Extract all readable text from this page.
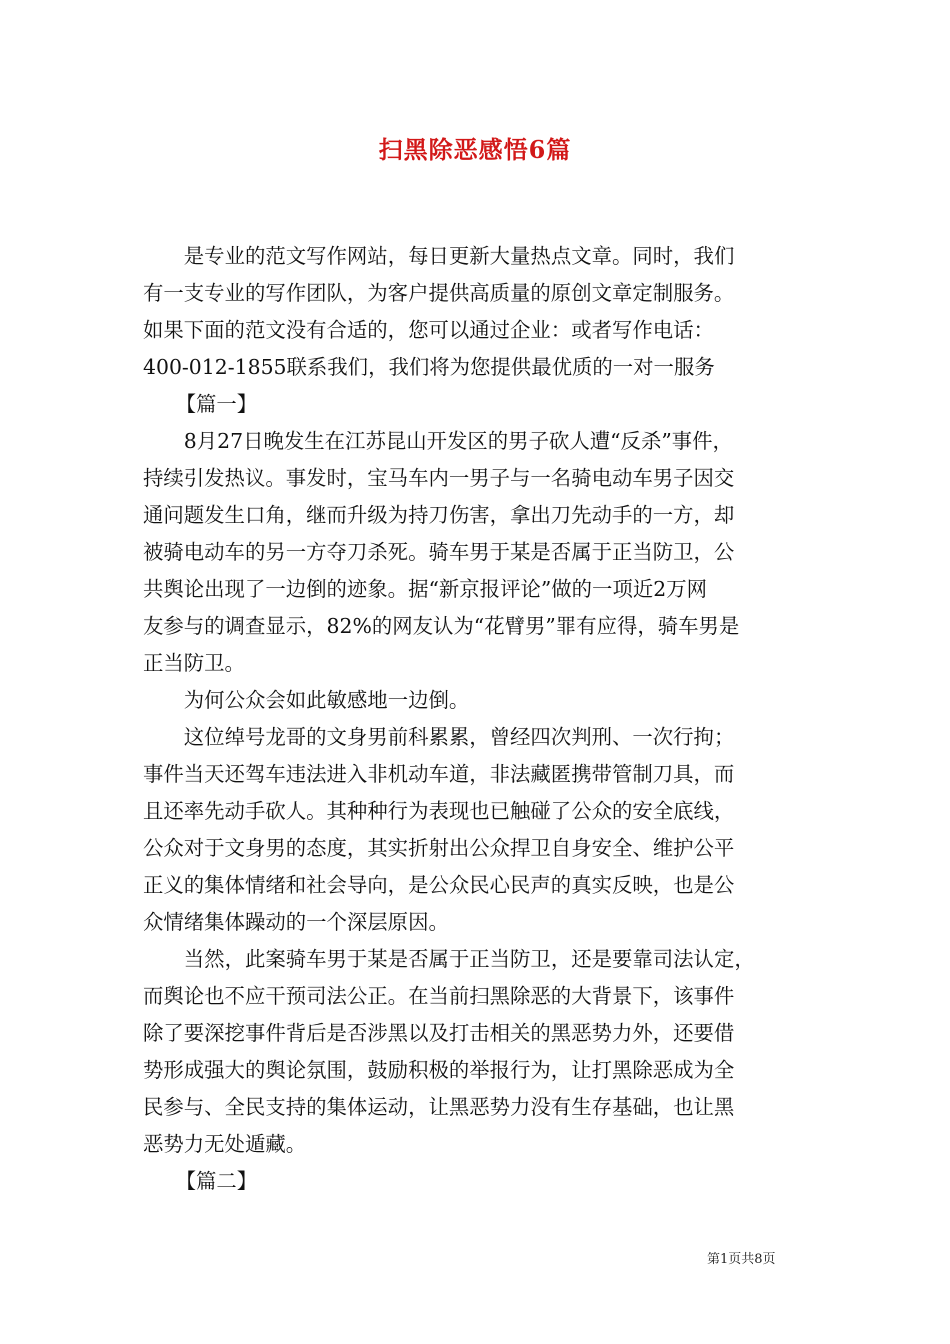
扫黑除恶感悟6篇

是专业的范文写作网站，每日更新大量热点文章。同时，我们
有一支专业的写作团队，为客户提供高质量的原创文章定制服务。
如果下面的范文没有合适的，您可以通过企业：或者写作电话：
400-012-1855联系我们，我们将为您提供最优质的一对一服务

【篇一】

8月27日晚发生在江苏昆山开发区的男子砍人遭“反杀”事件，
持续引发热议。事发时，宝马车内一男子与一名骑电动车男子因交
通问题发生口角，继而升级为持刀伤害，拿出刀先动手的一方，却
被骑电动车的另一方夺刀杀死。骑车男于某是否属于正当防卫，公
共舆论出现了一边倒的迹象。据“新京报评论”做的一项近2万网
友参与的调查显示，82%的网友认为“花臂男”罪有应得，骑车男是
正当防卫。

为何公众会如此敏感地一边倒。

这位绰号龙哥的文身男前科累累，曾经四次判刑、一次行拘；
事件当天还驾车违法进入非机动车道，非法藏匿携带管制刀具，而
且还率先动手砍人。其种种行为表现也已触碰了公众的安全底线，
公众对于文身男的态度，其实折射出公众捍卫自身安全、维护公平
正义的集体情绪和社会导向，是公众民心民声的真实反映，也是公
众情绪集体躁动的一个深层原因。

当然，此案骑车男于某是否属于正当防卫，还是要靠司法认定，
而舆论也不应干预司法公正。在当前扫黑除恶的大背景下，该事件
除了要深挖事件背后是否涉黑以及打击相关的黑恶势力外，还要借
势形成强大的舆论氛围，鼓励积极的举报行为，让打黑除恶成为全
民参与、全民支持的集体运动，让黑恶势力没有生存基础，也让黑
恶势力无处遁藏。

【篇二】

第1页共8页
